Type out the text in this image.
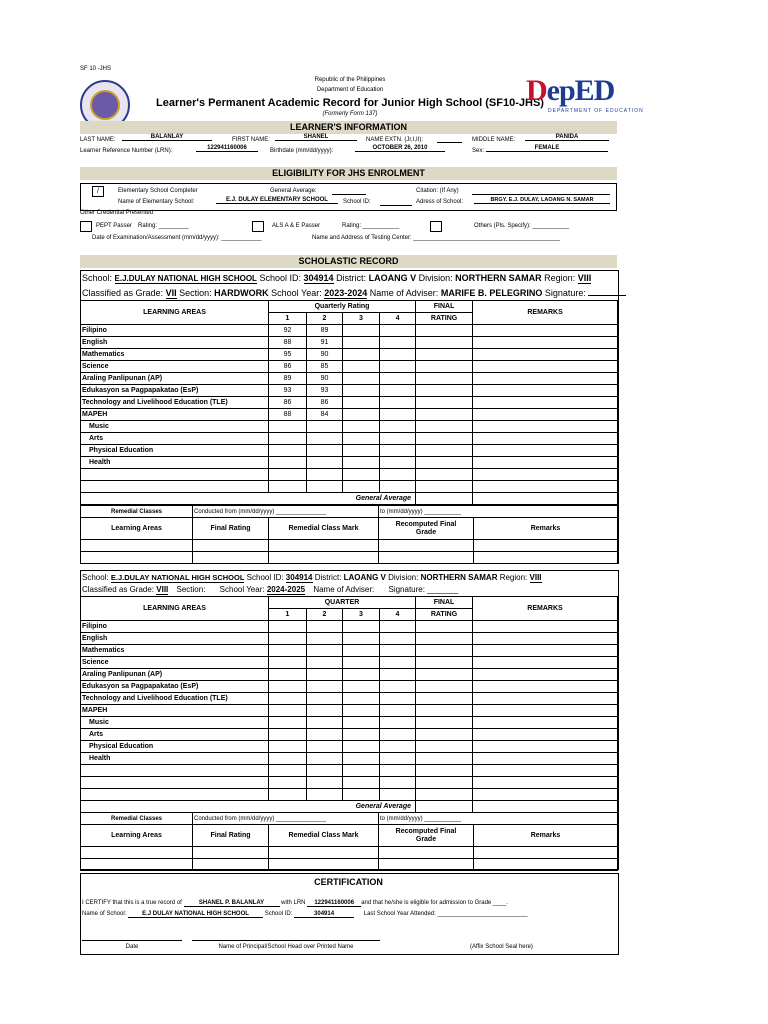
SF 10 -JHS
Republic of the Philippines
Department of Education
Learner's Permanent Academic Record for Junior High School (SF10-JHS)
(Formerly Form 137)
DepED
DEPARTMENT OF EDUCATION
LEARNER'S INFORMATION
LAST NAME:	BALANLAY	FIRST NAME:	SHANEL	NAME EXTN. (Jr,I,II):	MIDDLE NAME:	PANIDA
Learner Reference Number (LRN):	122941160006	Birthdate (mm/dd/yyyy):	OCTOBER 26, 2010	Sex:	FEMALE
ELIGIBILITY FOR JHS ENROLMENT
/	Elementary School Completer	General Average:	Citation: (If Any)
Name of Elementary School:	E.J. DULAY ELEMENTARY SCHOOL	School ID:	Adress of School:	BRGY. E.J. DULAY, LAOANG N. SAMAR
Other Credential Presented
PEPT Passer Rating: _________	ALS A & E Passer	Rating: ___________	Others (Pls. Specify): ___________
Date of Examination/Assessment (mm/dd/yyyy): ____________	Name and Address of Testing Center: ____________________________________________
SCHOLASTIC RECORD
School: E.J.DULAY NATIONAL HIGH SCHOOL School ID: 304914 District: LAOANG V Division: NORTHERN SAMAR Region: VIII
Classified as Grade: VII Section: HARDWORK School Year: 2023-2024 Name of Adviser: MARIFE B. PELEGRINO Signature:
LEARNING AREAS	Quarterly Rating				FINAL	REMARKS
	1	2	3	4	RATING	
Filipino	92	89				
English	88	91				
Mathematics	95	90				
Science	86	85				
Araling Panlipunan (AP)	89	90				
Edukasyon sa Pagpapakatao (EsP)	93	93				
Technology and Livelihood Education (TLE)	86	86				
MAPEH	88	84				
Music						
Arts						
Physical Education						
Health						

General Average						
Remedial Classes	Conducted from (mm/dd/yyyy) _______________		to (mm/dd/yyyy) ___________	
Learning Areas	Final Rating	Remedial Class Mark	Recomputed Final
Grade	Remarks

School: E.J.DULAY NATIONAL HIGH SCHOOL School ID: 304914 District: LAOANG V Division: NORTHERN SAMAR Region: VIII
Classified as Grade: VIII Section: School Year: 2024-2025 Name of Adviser: Signature: _______
LEARNING AREAS	QUARTER				FINAL	REMARKS
	1	2	3	4	RATING	
Filipino						
English						
Mathematics						
Science						
Araling Panlipunan (AP)						
Edukasyon sa Pagpapakatao (EsP)						
Technology and Livelihood Education (TLE)						
MAPEH						
Music						
Arts						
Physical Education						
Health						

General Average						
Remedial Classes	Conducted from (mm/dd/yyyy) _______________		to (mm/dd/yyyy) ___________	
Learning Areas	Final Rating	Remedial Class Mark	Recomputed Final
Grade	Remarks

CERTIFICATION
I CERTIFY that this is a true record of	SHANEL P. BALANLAY	with LRN 122941160006 and that he/she is eligible for admission to Grade ____.
Name of School:	E.J DULAY NATIONAL HIGH SCHOOL	School ID:	304914	Last School Year Attended: ___________________________
Date	Name of Principal/School Head over Printed Name	(Affix School Seal here)
